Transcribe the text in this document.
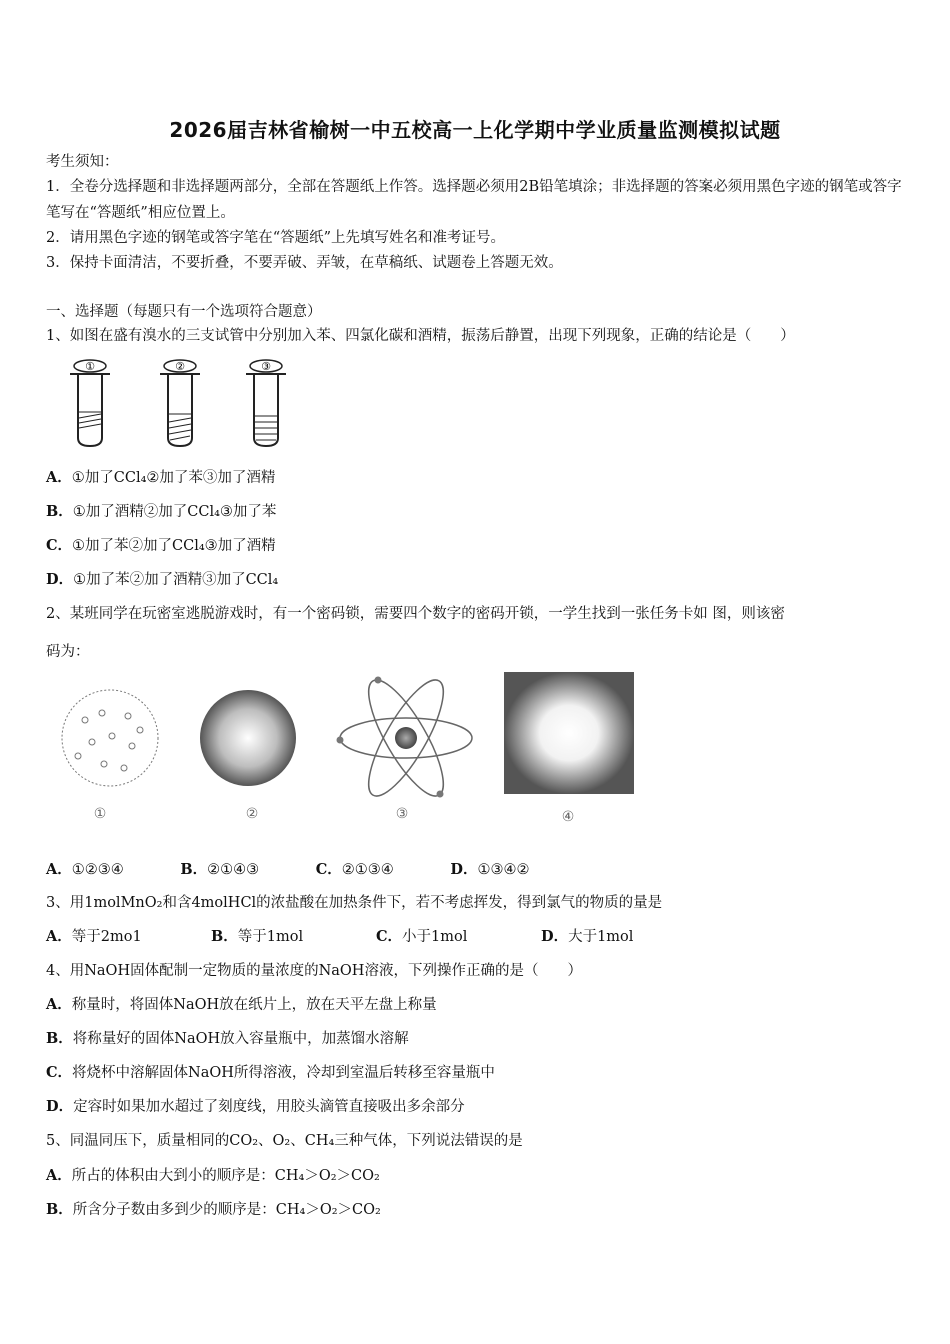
2026届吉林省榆树一中五校高一上化学期中学业质量监测模拟试题
考生须知：
1．全卷分选择题和非选择题两部分，全部在答题纸上作答。选择题必须用2B铅笔填涂；非选择题的答案必须用黑色字迹的钢笔或答字笔写在“答题纸”相应位置上。
2．请用黑色字迹的钢笔或答字笔在“答题纸”上先填写姓名和准考证号。
3．保持卡面清洁，不要折叠，不要弄破、弄皱，在草稿纸、试题卷上答题无效。
一、选择题（每题只有一个选项符合题意）
1、如图在盛有溴水的三支试管中分别加入苯、四氯化碳和酒精，振荡后静置，出现下列现象，正确的结论是（　　）
①	②	③
A．①加了CCl₄②加了苯③加了酒精
B．①加了酒精②加了CCl₄③加了苯
C．①加了苯②加了CCl₄③加了酒精
D．①加了苯②加了酒精③加了CCl₄
2、某班同学在玩密室逃脱游戏时，有一个密码锁，需要四个数字的密码开锁，一学生找到一张任务卡如 图，则该密
码为：
①	②	③	④
A．①②③④	B．②①④③	C．②①③④	D．①③④②
3、用1molMnO₂和含4molHCl的浓盐酸在加热条件下，若不考虑挥发，得到氯气的物质的量是
A．等于2mo1	B．等于1mol	C．小于1mol	D．大于1mol
4、用NaOH固体配制一定物质的量浓度的NaOH溶液，下列操作正确的是（　　）
A．称量时，将固体NaOH放在纸片上，放在天平左盘上称量
B．将称量好的固体NaOH放入容量瓶中，加蒸馏水溶解
C．将烧杯中溶解固体NaOH所得溶液，冷却到室温后转移至容量瓶中
D．定容时如果加水超过了刻度线，用胶头滴管直接吸出多余部分
5、同温同压下，质量相同的CO₂、O₂、CH₄三种气体，下列说法错误的是
A．所占的体积由大到小的顺序是：CH₄＞O₂＞CO₂
B．所含分子数由多到少的顺序是：CH₄＞O₂＞CO₂
